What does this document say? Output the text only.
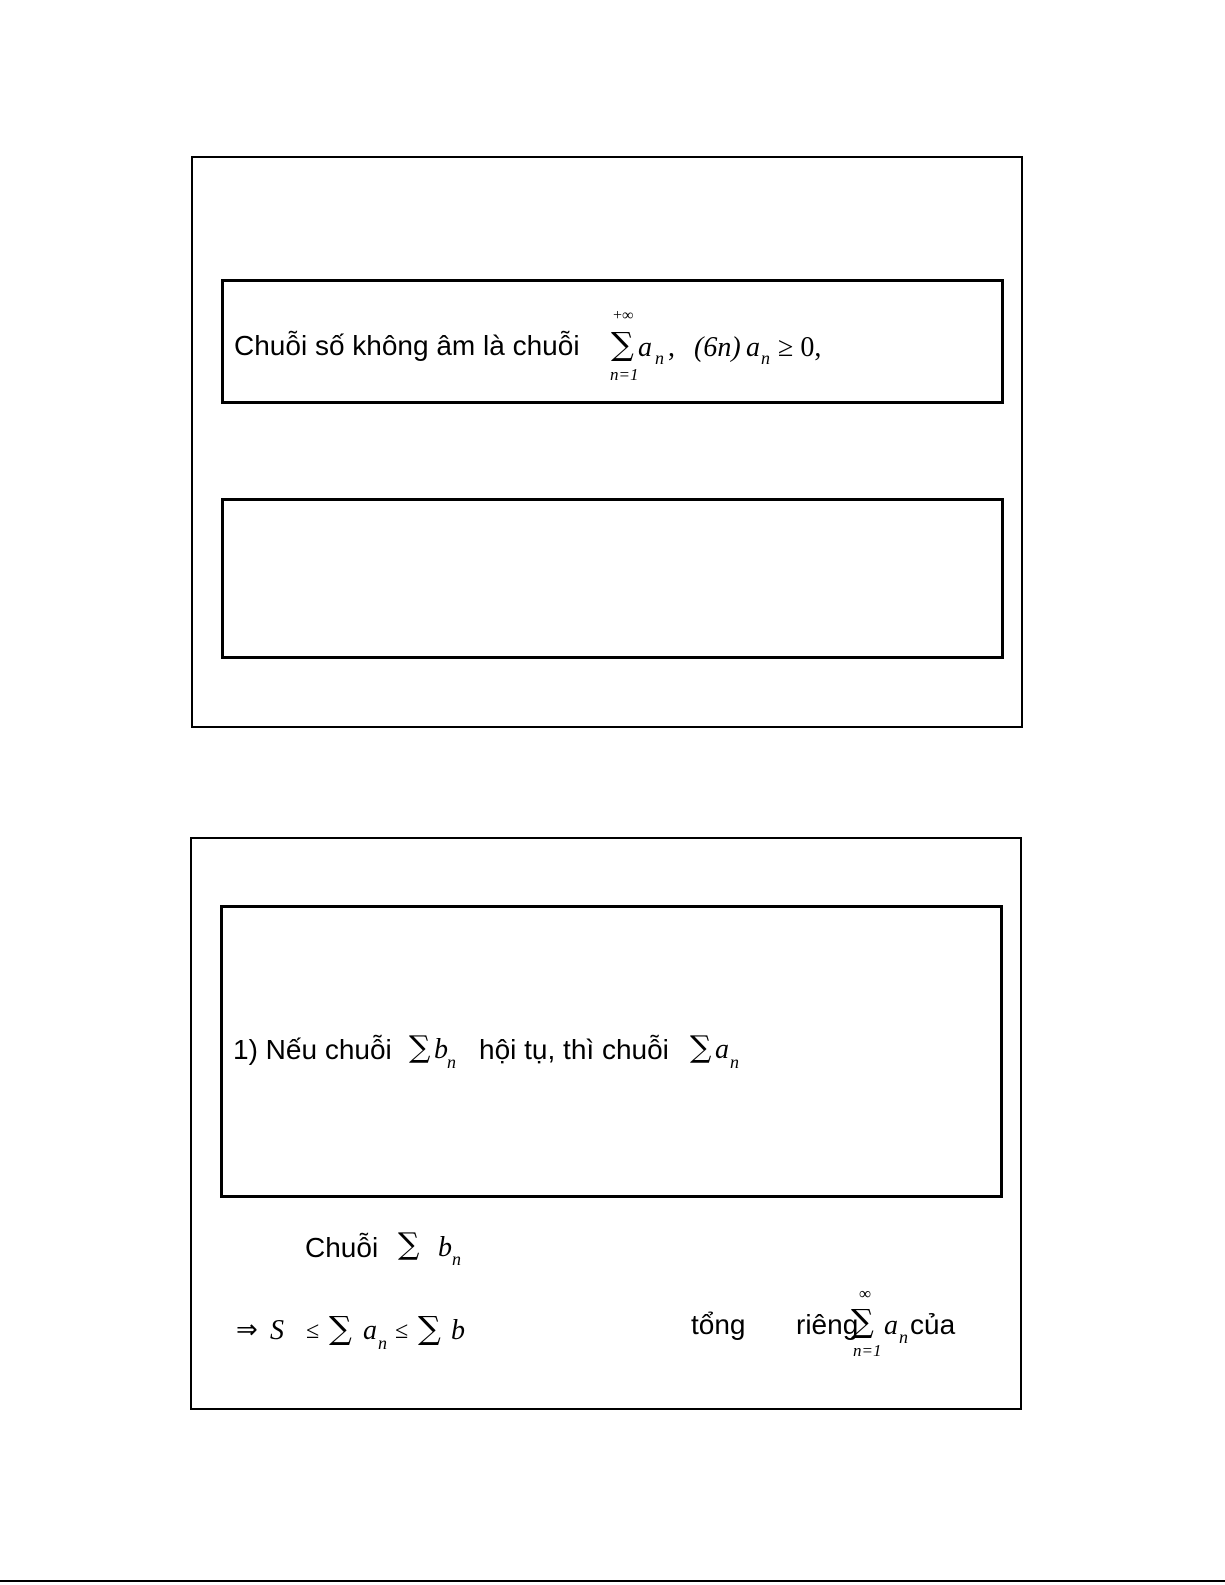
Chuỗi số không âm là chuỗi
+∞
∑
n=1
a n , (6n) a n ≥ 0,
1) Nếu chuỗi ∑ b n hội tụ, thì chuỗi ∑ a n
Chuỗi ∑ b n
⇒ S ≤ ∑ a n ≤ ∑ b	tổng riêng
∞
∑
n=1
a n của
